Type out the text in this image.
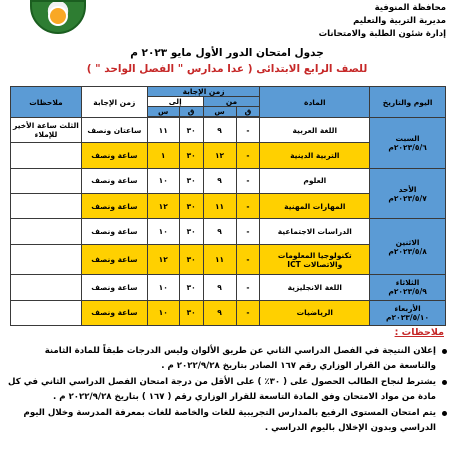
محافظة المنوفية
مديرية التربية والتعليم
إدارة شئون الطلبة والامتحانات
جدول امتحان الدور الأول مايو ٢٠٢٣ م
للصف الرابع الابتدائى ( عدا مدارس " الفصل الواحد " )
اليوم والتاريخ	المادة	زمن الإجابة				زمن الإجابة	ملاحظات
		من		إلى			
		ق	س	ق	س		

السبت
٢٠٢٣/٥/٦م	اللغة العربية	-	٩	٣٠	١١	ساعتان ونصف	الثلث ساعة الأخير للإملاء
	التربية الدينية	-	١٢	٣٠	١	ساعة ونصف	

الأحد
٢٠٢٣/٥/٧م	العلوم	-	٩	٣٠	١٠	ساعة ونصف	
	المهارات المهنية	-	١١	٣٠	١٢	ساعة ونصف	

الاثنين
٢٠٢٣/٥/٨م	الدراسات الاجتماعية	-	٩	٣٠	١٠	ساعة ونصف	
	تكنولوجيا المعلومات والاتصالات ICT	-	١١	٣٠	١٢	ساعة ونصف	

الثلاثاء
٢٠٢٣/٥/٩م	اللغة الانجليزية	-	٩	٣٠	١٠	ساعة ونصف	

الأربعاء
٢٠٢٣/٥/١٠م	الرياضيات	-	٩	٣٠	١٠	ساعة ونصف	
ملاحظات :
إعلان النتيجة في الفصل الدراسي الثاني عن طريق الألوان وليس الدرجات طبقاً للمادة الثامنة والتاسعة من القرار الوزاري رقم ١٦٧ الصادر بتاريخ ٢٠٢٢/٩/٢٨ م .
يشترط لنجاح الطالب الحصول على ( ٣٠٪ ) على الأقل من درجة امتحان الفصل الدراسي الثاني في كل مادة من مواد الامتحان وفق المادة التاسعة للقرار الوزاري رقم ( ١٦٧ ) بتاريخ ٢٠٢٢/٩/٢٨ م .
يتم امتحان المستوى الرفيع بالمدارس التجريبية للغات والخاصة للغات بمعرفة المدرسة وخلال اليوم الدراسي وبدون الإخلال باليوم الدراسي .
